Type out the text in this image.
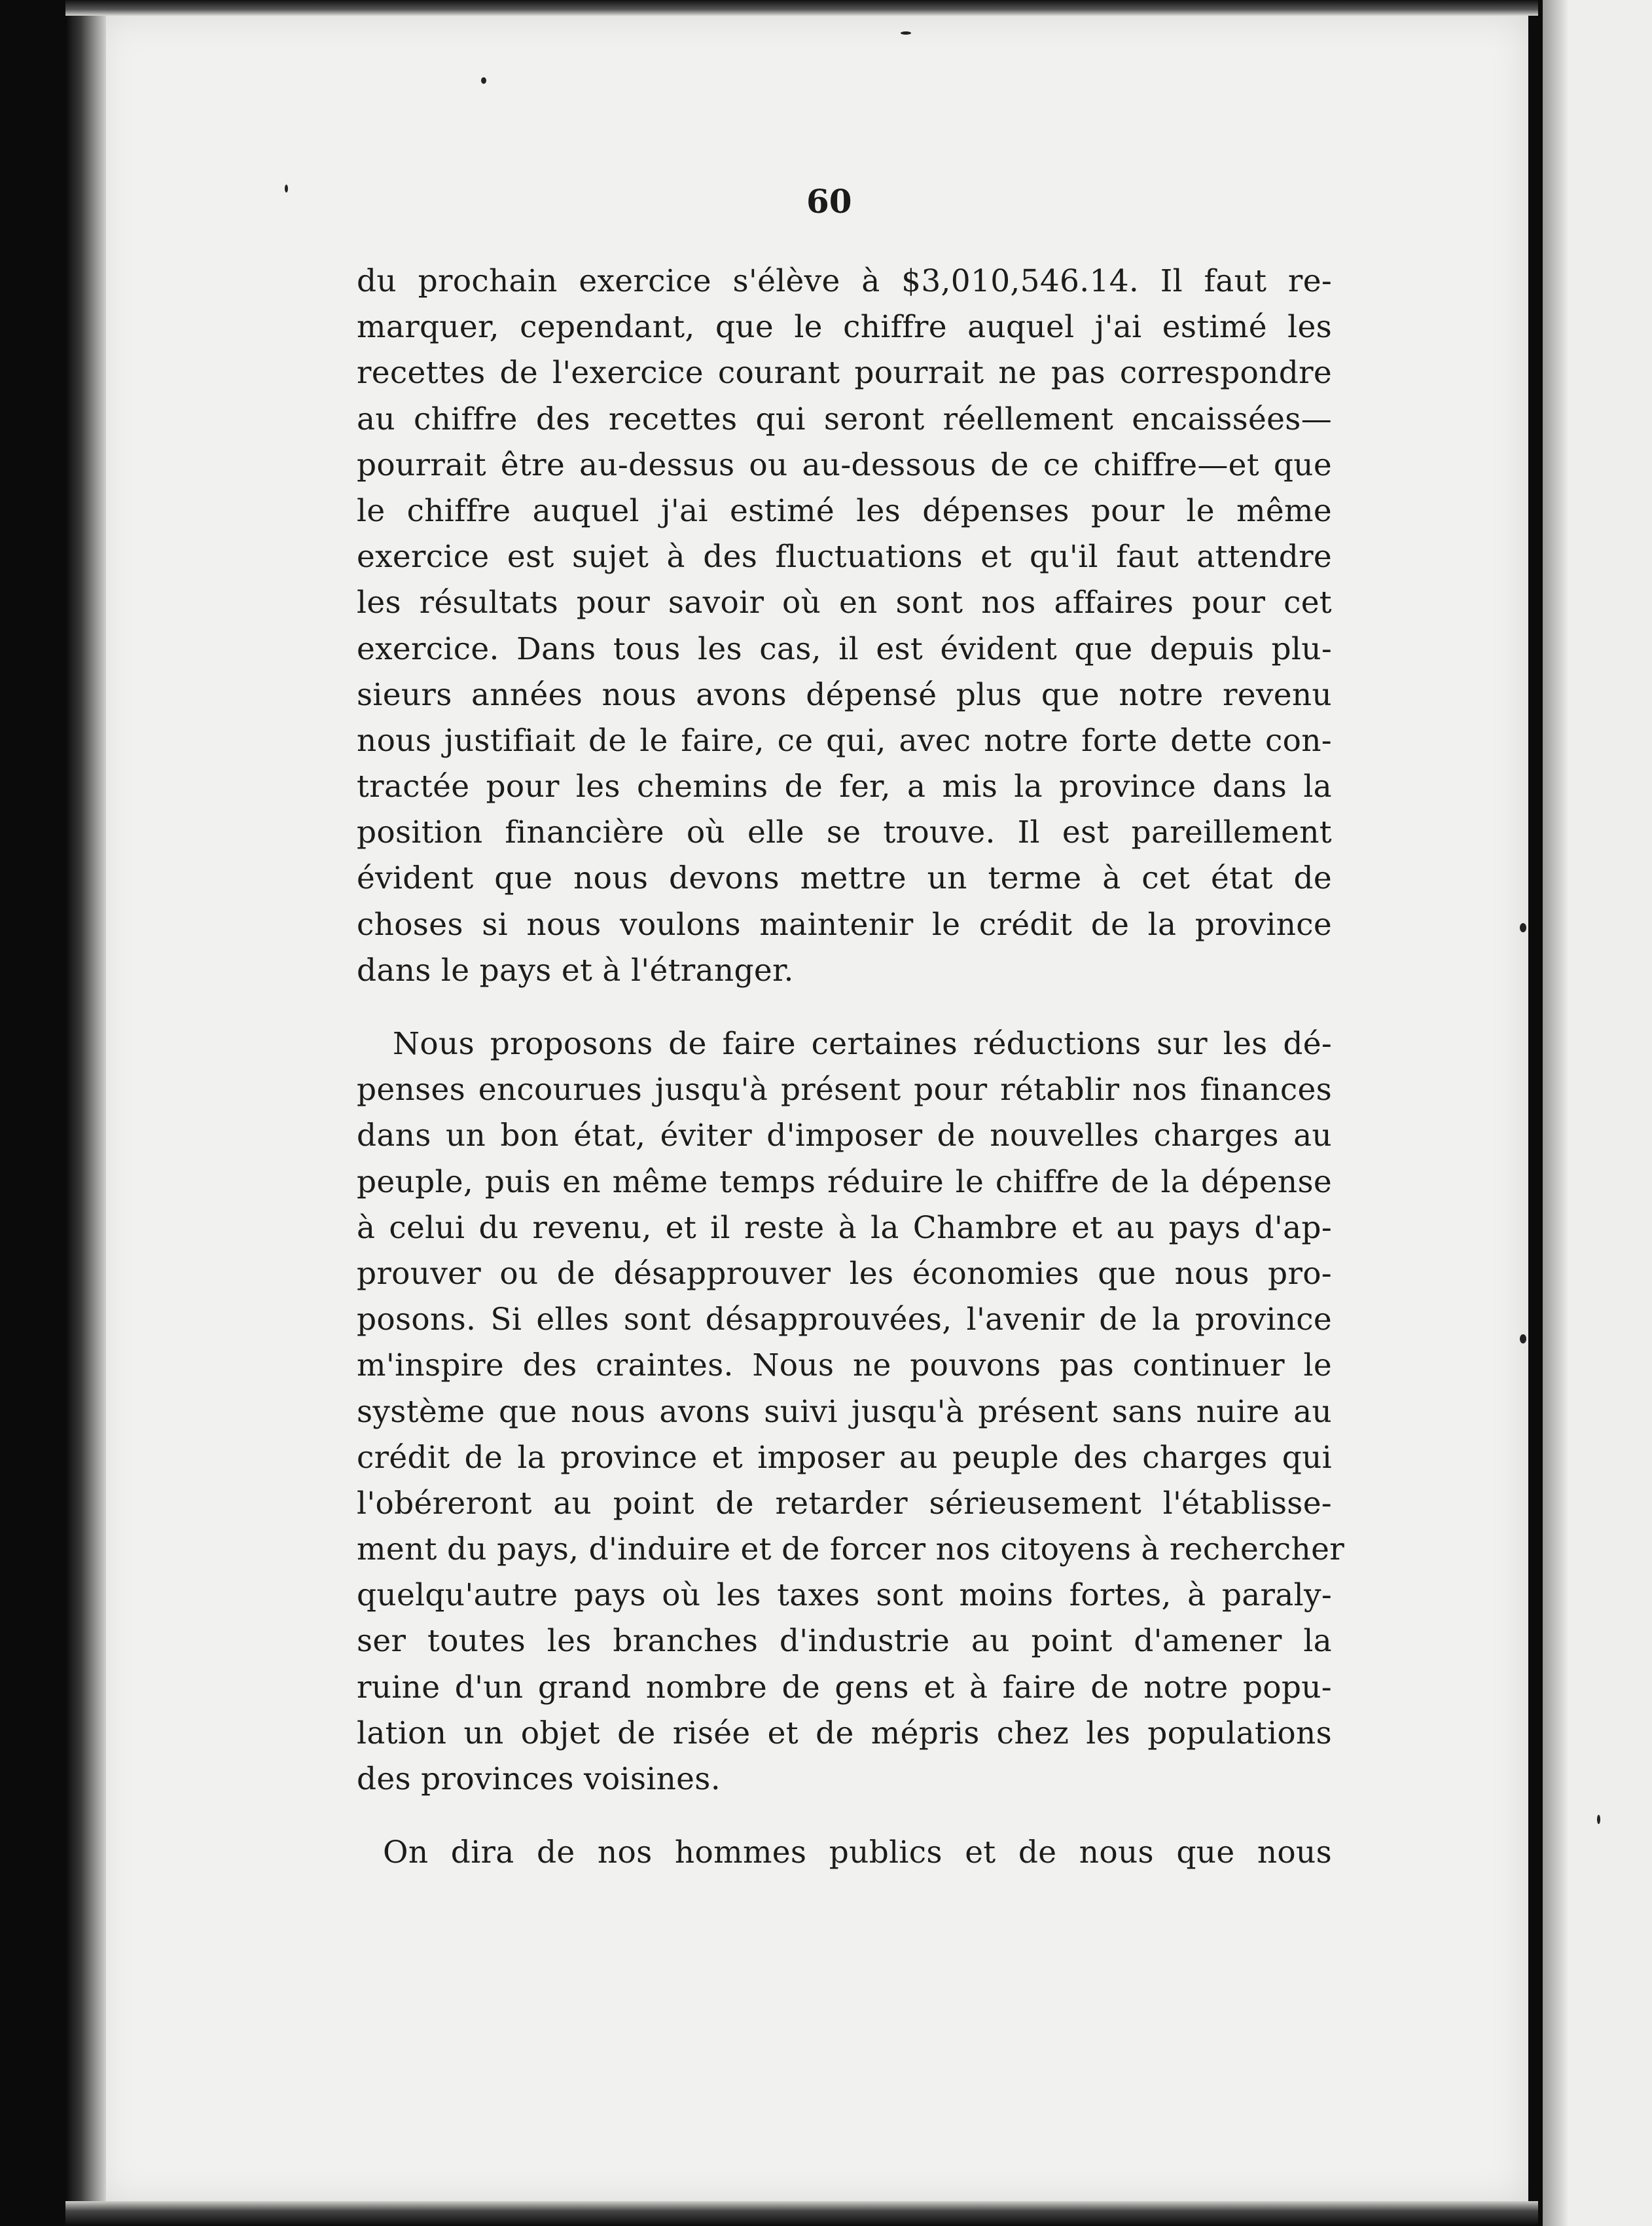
60
du prochain exercice s'élève à $3,010,546.14. Il faut re-
marquer, cependant, que le chiffre auquel j'ai estimé les
recettes de l'exercice courant pourrait ne pas correspondre
au chiffre des recettes qui seront réellement encaissées—
pourrait être au-dessus ou au-dessous de ce chiffre—et que
le chiffre auquel j'ai estimé les dépenses pour le même
exercice est sujet à des fluctuations et qu'il faut attendre
les résultats pour savoir où en sont nos affaires pour cet
exercice. Dans tous les cas, il est évident que depuis plu-
sieurs années nous avons dépensé plus que notre revenu
nous justifiait de le faire, ce qui, avec notre forte dette con-
tractée pour les chemins de fer, a mis la province dans la
position financière où elle se trouve. Il est pareillement
évident que nous devons mettre un terme à cet état de
choses si nous voulons maintenir le crédit de la province
dans le pays et à l'étranger.
Nous proposons de faire certaines réductions sur les dé-
penses encourues jusqu'à présent pour rétablir nos finances
dans un bon état, éviter d'imposer de nouvelles charges au
peuple, puis en même temps réduire le chiffre de la dépense
à celui du revenu, et il reste à la Chambre et au pays d'ap-
prouver ou de désapprouver les économies que nous pro-
posons. Si elles sont désapprouvées, l'avenir de la province
m'inspire des craintes. Nous ne pouvons pas continuer le
système que nous avons suivi jusqu'à présent sans nuire au
crédit de la province et imposer au peuple des charges qui
l'obéreront au point de retarder sérieusement l'établisse-
ment du pays, d'induire et de forcer nos citoyens à rechercher
quelqu'autre pays où les taxes sont moins fortes, à paraly-
ser toutes les branches d'industrie au point d'amener la
ruine d'un grand nombre de gens et à faire de notre popu-
lation un objet de risée et de mépris chez les populations
des provinces voisines.
On dira de nos hommes publics et de nous que nous
